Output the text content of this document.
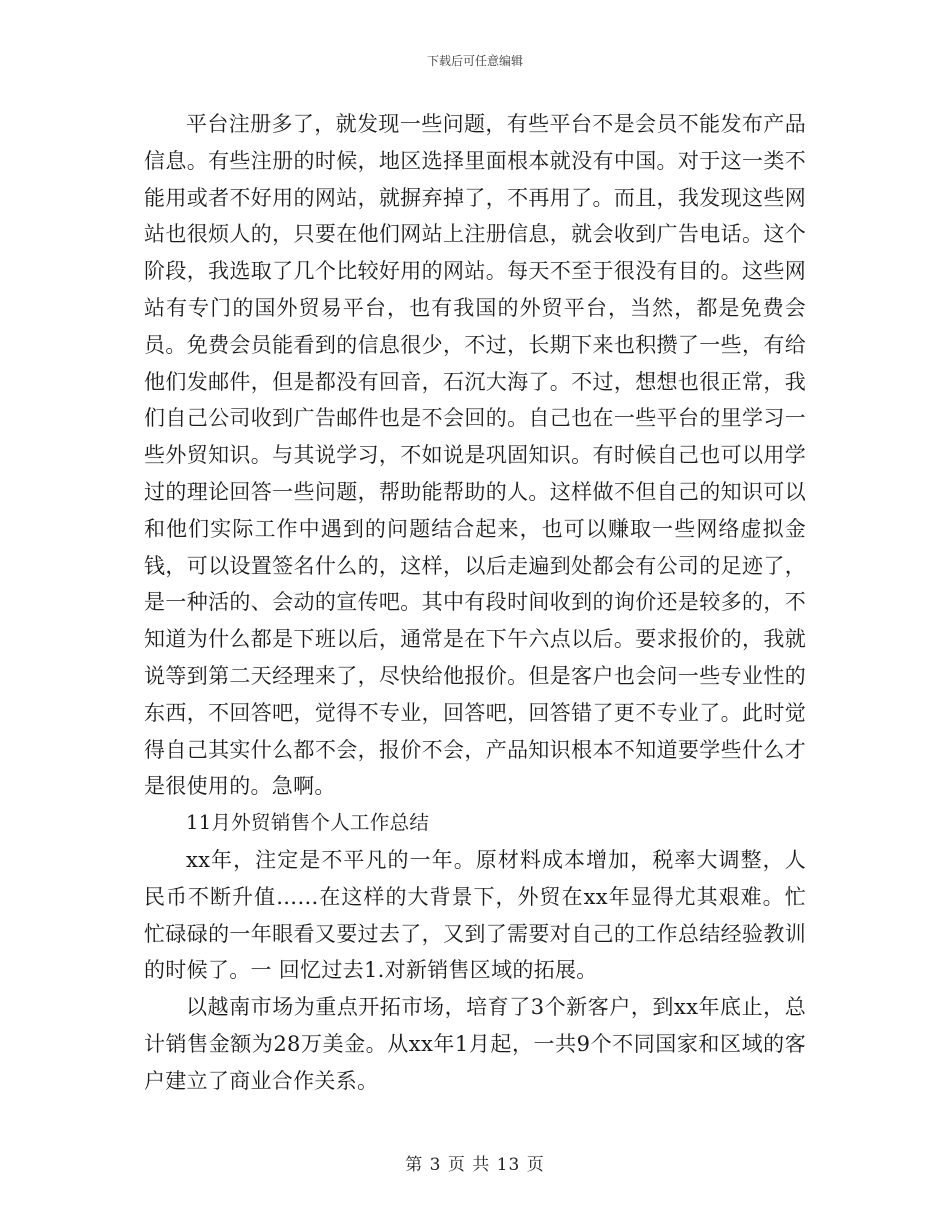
下载后可任意编辑

平台注册多了，就发现一些问题，有些平台不是会员不能发布产品信息。有些注册的时候，地区选择里面根本就没有中国。对于这一类不能用或者不好用的网站，就摒弃掉了，不再用了。而且，我发现这些网站也很烦人的，只要在他们网站上注册信息，就会收到广告电话。这个阶段，我选取了几个比较好用的网站。每天不至于很没有目的。这些网站有专门的国外贸易平台，也有我国的外贸平台，当然，都是免费会员。免费会员能看到的信息很少，不过，长期下来也积攒了一些，有给他们发邮件，但是都没有回音，石沉大海了。不过，想想也很正常，我们自己公司收到广告邮件也是不会回的。自己也在一些平台的里学习一些外贸知识。与其说学习，不如说是巩固知识。有时候自己也可以用学过的理论回答一些问题，帮助能帮助的人。这样做不但自己的知识可以和他们实际工作中遇到的问题结合起来，也可以赚取一些网络虚拟金钱，可以设置签名什么的，这样，以后走遍到处都会有公司的足迹了，是一种活的、会动的宣传吧。其中有段时间收到的询价还是较多的，不知道为什么都是下班以后，通常是在下午六点以后。要求报价的，我就说等到第二天经理来了，尽快给他报价。但是客户也会问一些专业性的东西，不回答吧，觉得不专业，回答吧，回答错了更不专业了。此时觉得自己其实什么都不会，报价不会，产品知识根本不知道要学些什么才是很使用的。急啊。

11月外贸销售个人工作总结

xx年，注定是不平凡的一年。原材料成本增加，税率大调整，人民币不断升值……在这样的大背景下，外贸在xx年显得尤其艰难。忙忙碌碌的一年眼看又要过去了，又到了需要对自己的工作总结经验教训的时候了。一 回忆过去1.对新销售区域的拓展。

以越南市场为重点开拓市场，培育了3个新客户，到xx年底止，总计销售金额为28万美金。从xx年1月起，一共9个不同国家和区域的客户建立了商业合作关系。

第 3 页 共 13 页
